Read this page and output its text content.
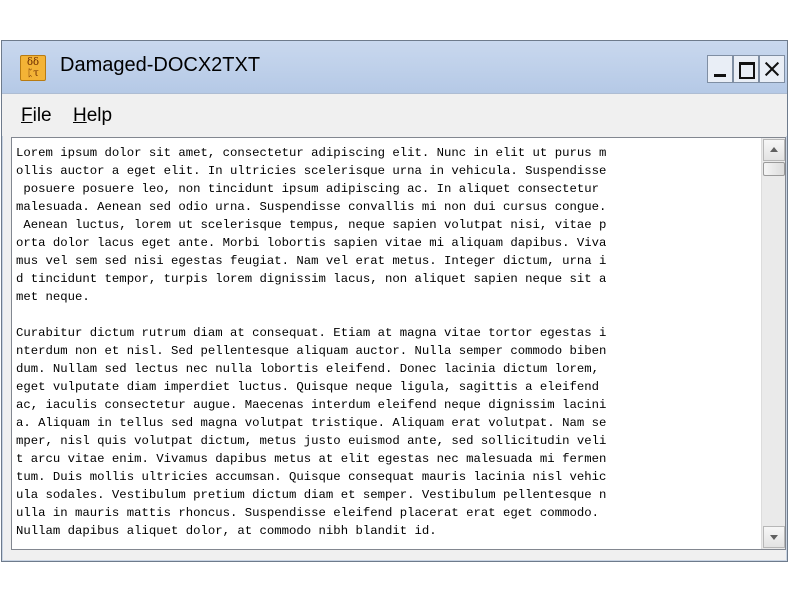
δδ
ᛈτ	Damaged-DOCX2TXT
File Help
Lorem ipsum dolor sit amet, consectetur adipiscing elit. Nunc in elit ut purus m
ollis auctor a eget elit. In ultricies scelerisque urna in vehicula. Suspendisse
posuere posuere leo, non tincidunt ipsum adipiscing ac. In aliquet consectetur
malesuada. Aenean sed odio urna. Suspendisse convallis mi non dui cursus congue.
Aenean luctus, lorem ut scelerisque tempus, neque sapien volutpat nisi, vitae p
orta dolor lacus eget ante. Morbi lobortis sapien vitae mi aliquam dapibus. Viva
mus vel sem sed nisi egestas feugiat. Nam vel erat metus. Integer dictum, urna i
d tincidunt tempor, turpis lorem dignissim lacus, non aliquet sapien neque sit a
met neque.
Curabitur dictum rutrum diam at consequat. Etiam at magna vitae tortor egestas i
nterdum non et nisl. Sed pellentesque aliquam auctor. Nulla semper commodo biben
dum. Nullam sed lectus nec nulla lobortis eleifend. Donec lacinia dictum lorem,
eget vulputate diam imperdiet luctus. Quisque neque ligula, sagittis a eleifend
ac, iaculis consectetur augue. Maecenas interdum eleifend neque dignissim lacini
a. Aliquam in tellus sed magna volutpat tristique. Aliquam erat volutpat. Nam se
mper, nisl quis volutpat dictum, metus justo euismod ante, sed sollicitudin veli
t arcu vitae enim. Vivamus dapibus metus at elit egestas nec malesuada mi fermen
tum. Duis mollis ultricies accumsan. Quisque consequat mauris lacinia nisl vehic
ula sodales. Vestibulum pretium dictum diam et semper. Vestibulum pellentesque n
ulla in mauris mattis rhoncus. Suspendisse eleifend placerat erat eget commodo.
Nullam dapibus aliquet dolor, at commodo nibh blandit id.
